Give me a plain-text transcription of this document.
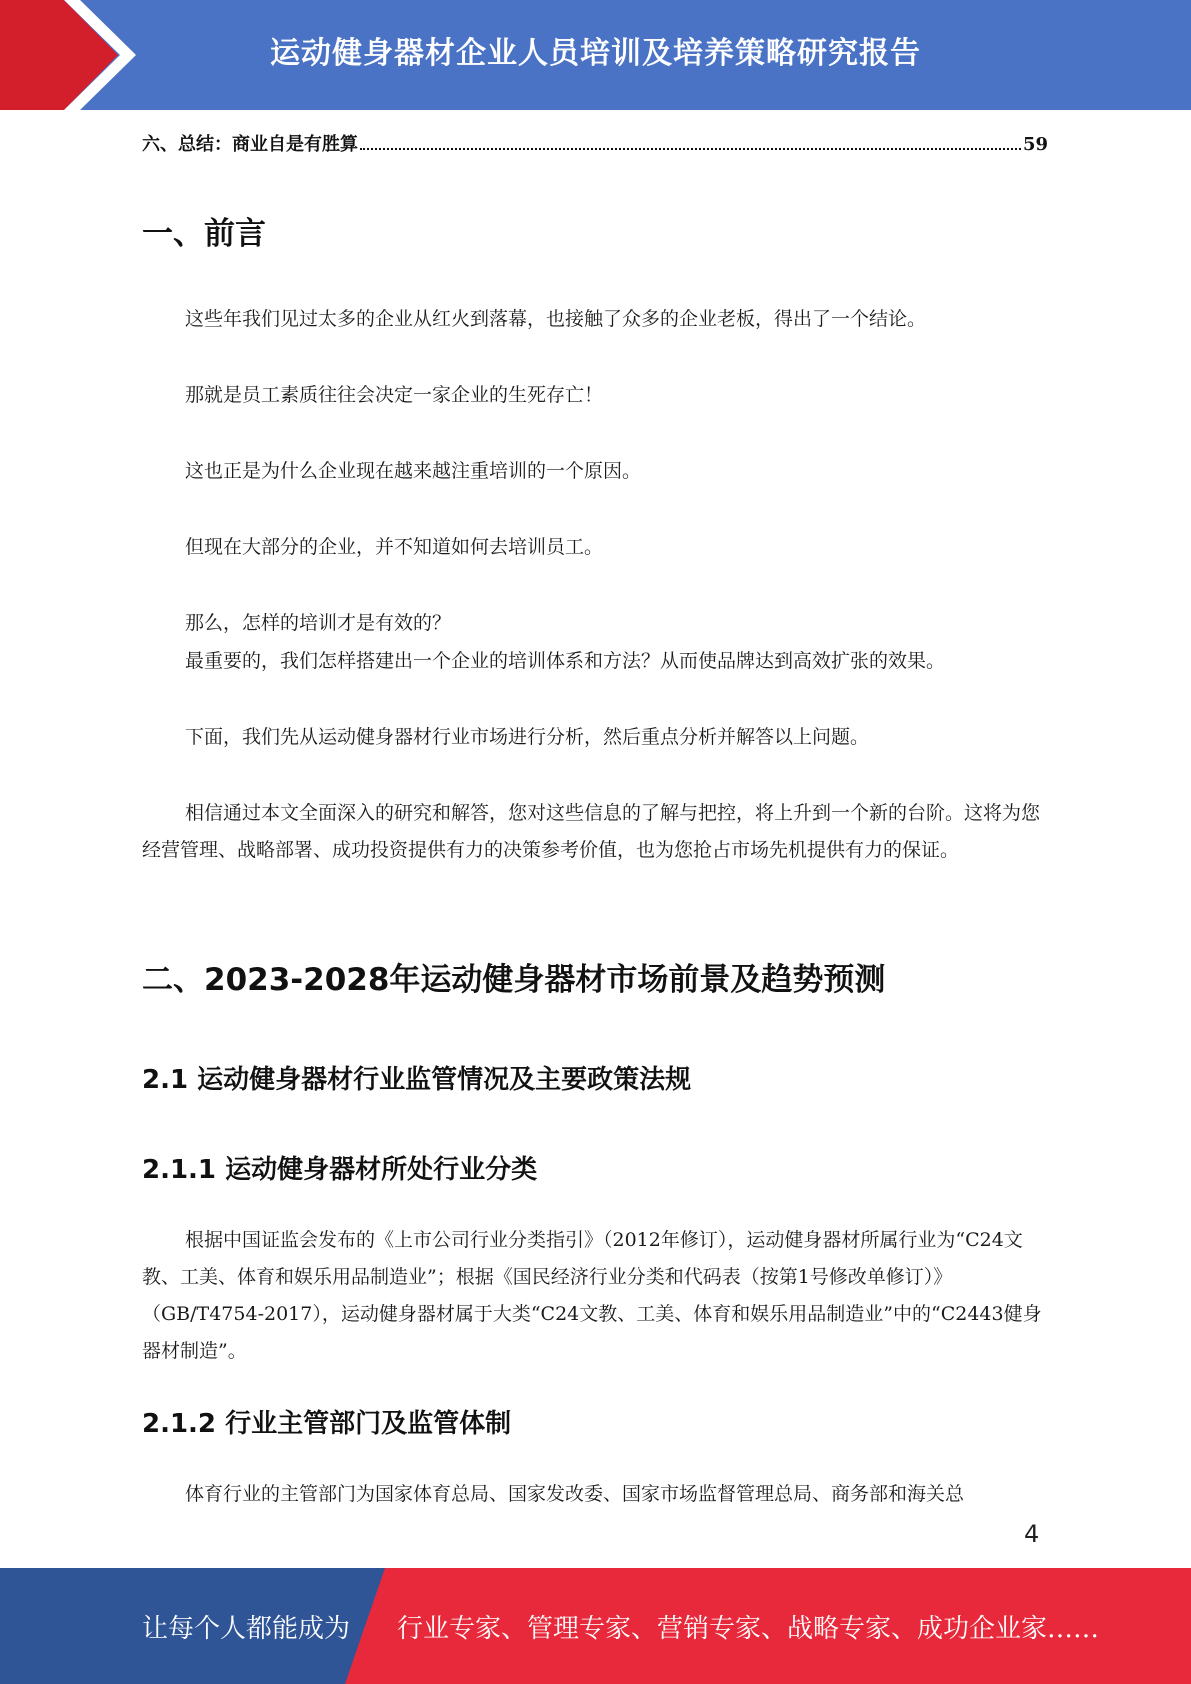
运动健身器材企业人员培训及培养策略研究报告
六、总结：商业自是有胜算	59
一、前言

这些年我们见过太多的企业从红火到落幕，也接触了众多的企业老板，得出了一个结论。

那就是员工素质往往会决定一家企业的生死存亡！

这也正是为什么企业现在越来越注重培训的一个原因。

但现在大部分的企业，并不知道如何去培训员工。

那么，怎样的培训才是有效的？

最重要的，我们怎样搭建出一个企业的培训体系和方法？从而使品牌达到高效扩张的效果。

下面，我们先从运动健身器材行业市场进行分析，然后重点分析并解答以上问题。

相信通过本文全面深入的研究和解答，您对这些信息的了解与把控，将上升到一个新的台阶。这将为您经营管理、战略部署、成功投资提供有力的决策参考价值，也为您抢占市场先机提供有力的保证。

二、2023-2028年运动健身器材市场前景及趋势预测
2.1 运动健身器材行业监管情况及主要政策法规
2.1.1 运动健身器材所处行业分类

根据中国证监会发布的《上市公司行业分类指引》（2012年修订），运动健身器材所属行业为“C24文教、工美、体育和娱乐用品制造业”；根据《国民经济行业分类和代码表（按第1号修改单修订）》（GB/T4754-2017），运动健身器材属于大类“C24文教、工美、体育和娱乐用品制造业”中的“C2443健身器材制造”。

2.1.2 行业主管部门及监管体制

体育行业的主管部门为国家体育总局、国家发改委、国家市场监督管理总局、商务部和海关总

4
让每个人都能成为 行业专家、管理专家、营销专家、战略专家、成功企业家……
